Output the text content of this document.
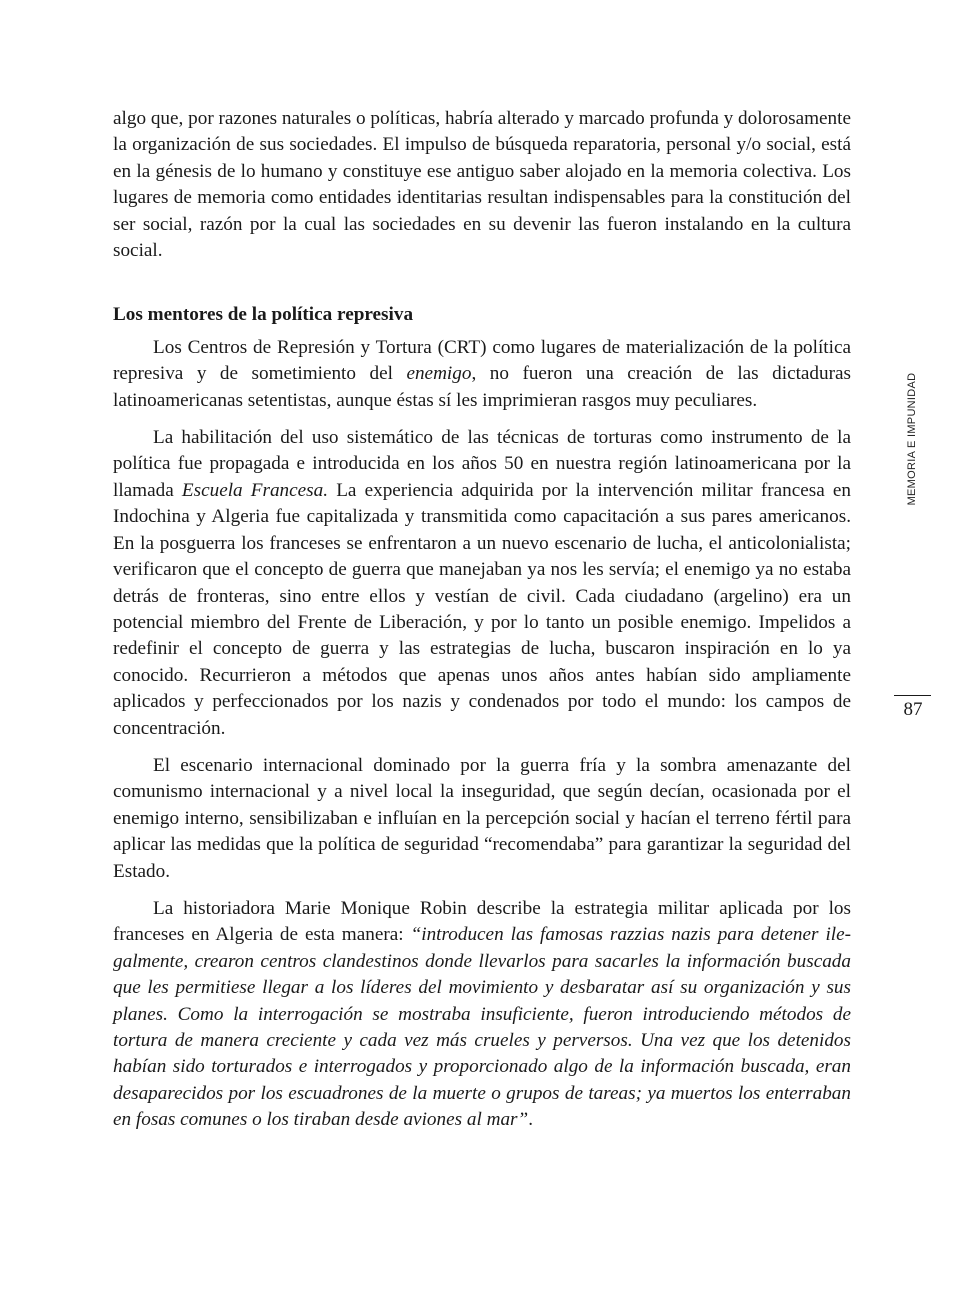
algo que, por razones naturales o políticas, habría alterado y marcado profunda y dolorosamente la organización de sus sociedades. El impulso de búsqueda reparatoria, personal y/o social, está en la génesis de lo humano y constituye ese antiguo saber alojado en la memoria colectiva. Los lugares de memoria como entidades identitarias resultan indispensables para la constitución del ser social, razón por la cual las sociedades en su devenir las fueron instalando en la cultura social.

Los mentores de la política represiva

Los Centros de Represión y Tortura (CRT) como lugares de materialización de la política represiva y de sometimiento del enemigo, no fueron una creación de las dictaduras latinoamericanas setentistas, aunque éstas sí les imprimieran rasgos muy peculiares.

La habilitación del uso sistemático de las técnicas de torturas como instrumento de la política fue propagada e introducida en los años 50 en nuestra región latinoamericana por la llamada Escuela Francesa. La experiencia adquirida por la intervención militar francesa en Indochina y Algeria fue capitalizada y transmitida como capacitación a sus pares americanos. En la posguerra los franceses se enfrentaron a un nuevo escenario de lucha, el anticolonialista; verificaron que el concepto de guerra que manejaban ya nos les servía; el enemigo ya no estaba detrás de fronteras, sino entre ellos y vestían de civil. Cada ciudadano (argelino) era un potencial miembro del Frente de Liberación, y por lo tanto un posible enemigo. Impelidos a redefinir el concepto de guerra y las estrategias de lucha, buscaron inspiración en lo ya conocido. Recurrieron a métodos que apenas unos años antes habían sido ampliamente aplicados y perfeccionados por los nazis y condenados por todo el mundo: los campos de concentración.

El escenario internacional dominado por la guerra fría y la sombra amenazante del comunismo internacional y a nivel local la inseguridad, que según decían, ocasionada por el enemigo interno, sensibilizaban e influían en la percepción social y hacían el terreno fértil para aplicar las medidas que la política de seguridad “recomendaba” para garantizar la seguridad del Estado.

La historiadora Marie Monique Robin describe la estrategia militar aplicada por los franceses en Algeria de esta manera: “introducen las famosas razzias nazis para detener ilegalmente, crearon centros clandestinos donde llevarlos para sacarles la información buscada que les permitiese llegar a los líderes del movimiento y desbaratar así su organización y sus planes. Como la interrogación se mostraba insuficiente, fueron introduciendo métodos de tortura de manera creciente y cada vez más crueles y perversos. Una vez que los detenidos habían sido torturados e interrogados y proporcionado algo de la información buscada, eran desaparecidos por los escuadrones de la muerte o grupos de tareas; ya muertos los enterraban en fosas comunes o los tiraban desde aviones al mar”.

MEMORIA E IMPUNIDAD
87
